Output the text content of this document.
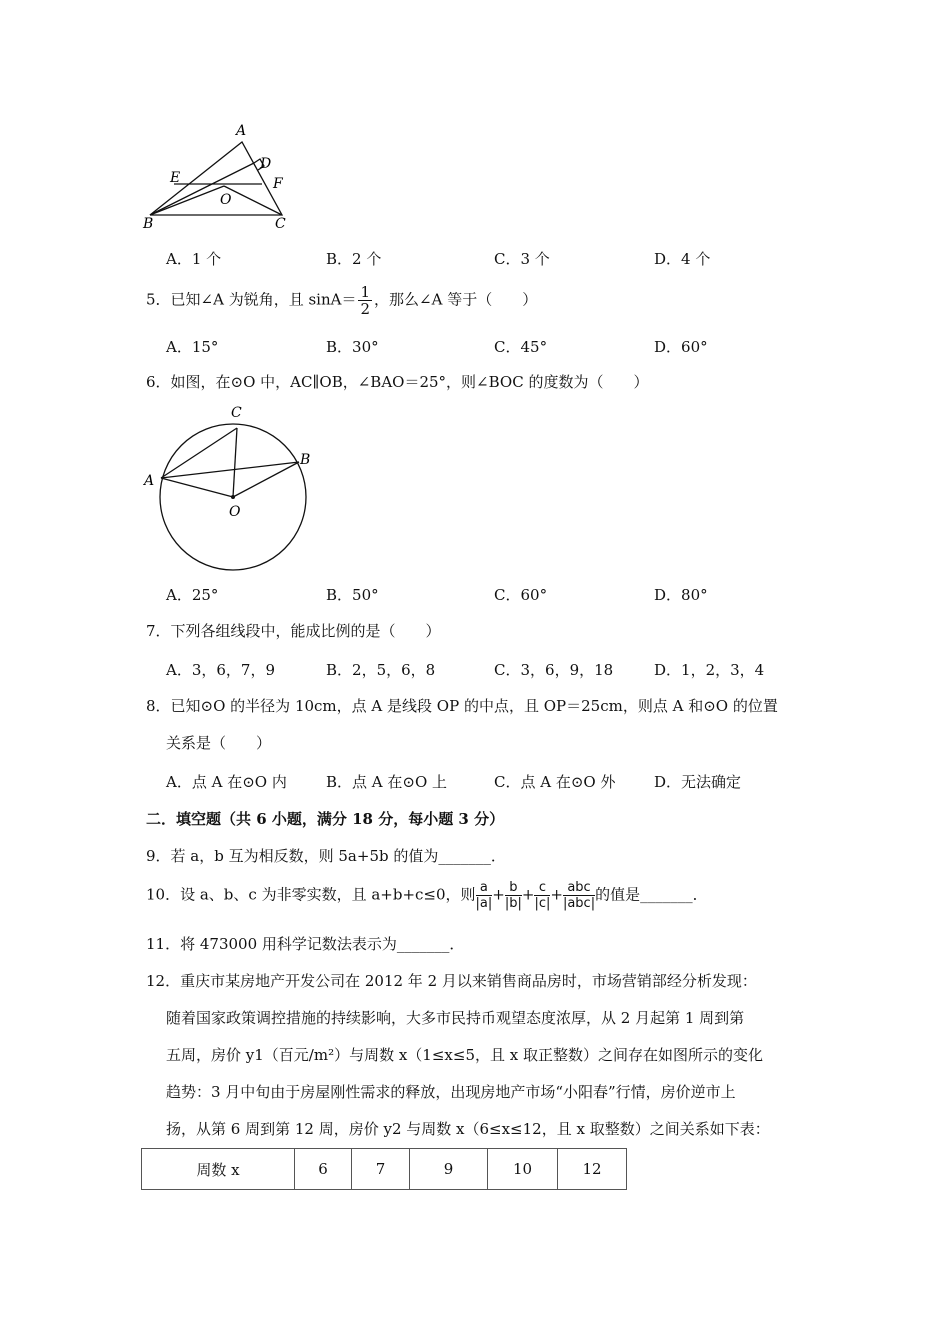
A
D
E	F
O
B	C
A．1 个	B．2 个	C．3 个	D．4 个
5．已知∠A 为锐角，且 $\sin A= \frac{1}{2}$ ，那么∠A 等于（　　）
A．15°	B．30°	C．45°	D．60°
6．如图，在⊙O 中，AC∥OB，∠BAO＝25°，则∠BOC 的度数为（　　）
C
B
A
O
A．25°	B．50°	C．60°	D．80°
7．下列各组线段中，能成比例的是（　　）
A．3，6，7，9	B．2，5，6，8	C．3，6，9，18	D．1，2，3，4
8．已知⊙O 的半径为 10cm，点 A 是线段 OP 的中点，且 OP＝25cm，则点 A 和⊙O 的位置
关系是（　　）
A．点 A 在⊙O 内	B．点 A 在⊙O 上	C．点 A 在⊙O 外	D．无法确定
二．填空题（共 6 小题，满分 18 分，每小题 3 分）
9．若 a，b 互为相反数，则 5a+5b 的值为_______．
10．设 a、b、c 为非零实数，且 a+b+c≤0，则 $\frac{a}{|a|} + \frac{b}{|b|} + \frac{c}{|c|} + \frac{\text{abc}}{\text{|abc|}}$ 的值是_______．
11．将 473000 用科学记数法表示为_______．
12．重庆市某房地产开发公司在 2012 年 2 月以来销售商品房时，市场营销部经分析发现：
随着国家政策调控措施的持续影响，大多市民持币观望态度浓厚，从 2 月起第 1 周到第
五周，房价 y1（百元/m²）与周数 x（1≤x≤5，且 x 取正整数）之间存在如图所示的变化
趋势：3 月中旬由于房屋刚性需求的释放，出现房地产市场“小阳春”行情，房价逆市上
扬，从第 6 周到第 12 周，房价 y2 与周数 x（6≤x≤12，且 x 取整数）之间关系如下表：
周数 x	6	7	9	10	12
